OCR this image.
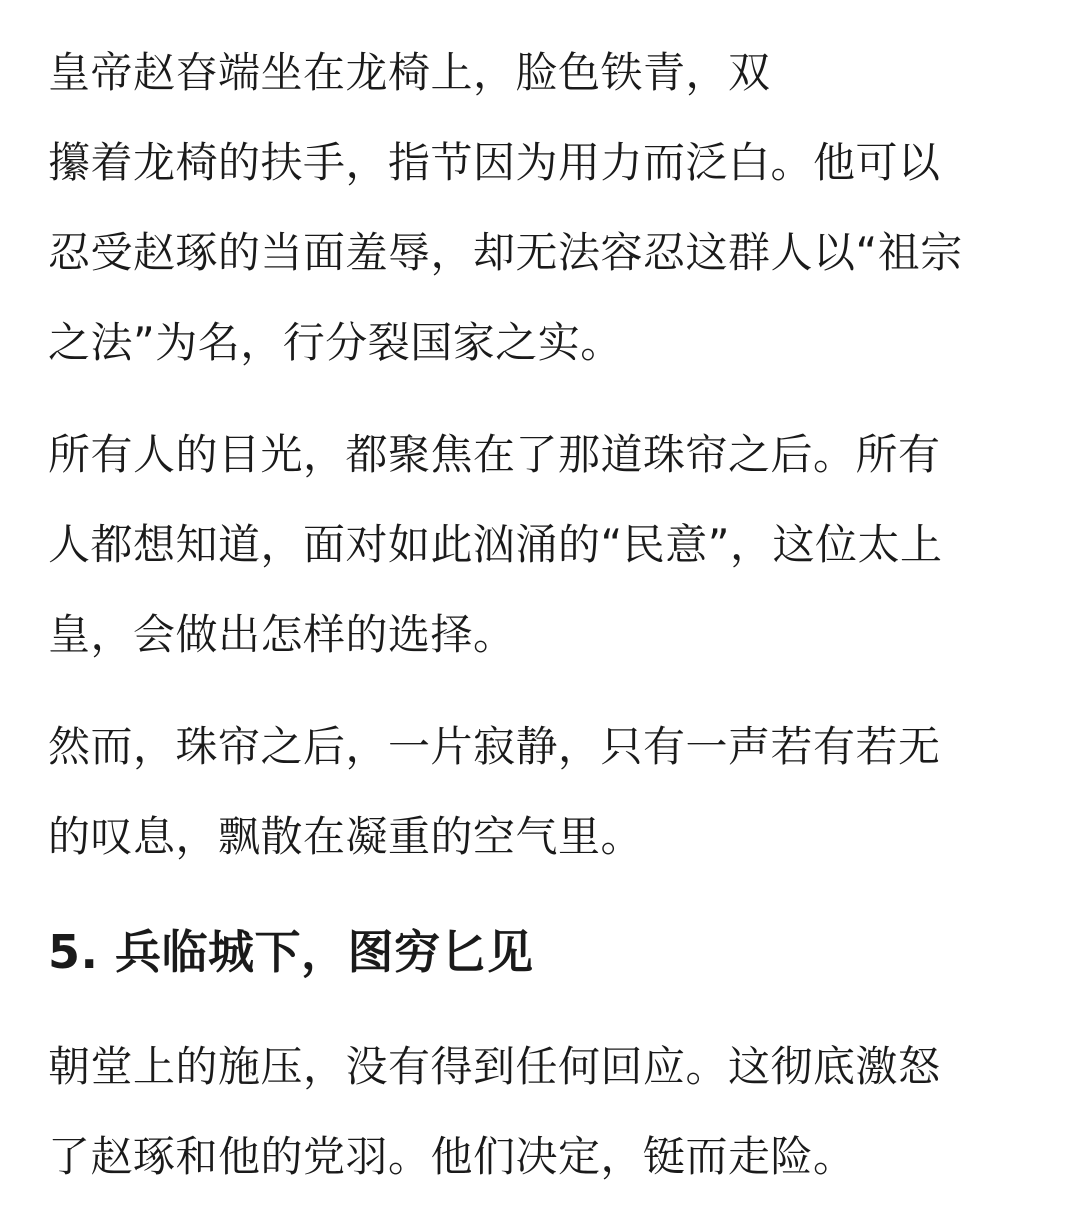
皇帝赵昚端坐在龙椅上，脸色铁青，双
攥着龙椅的扶手，指节因为用力而泛白。他可以
忍受赵琢的当面羞辱，却无法容忍这群人以“祖宗
之法”为名，行分裂国家之实。

所有人的目光，都聚焦在了那道珠帘之后。所有
人都想知道，面对如此汹涌的“民意”，这位太上
皇，会做出怎样的选择。

然而，珠帘之后，一片寂静，只有一声若有若无
的叹息，飘散在凝重的空气里。

5. 兵临城下，图穷匕见

朝堂上的施压，没有得到任何回应。这彻底激怒
了赵琢和他的党羽。他们决定，铤而走险。
